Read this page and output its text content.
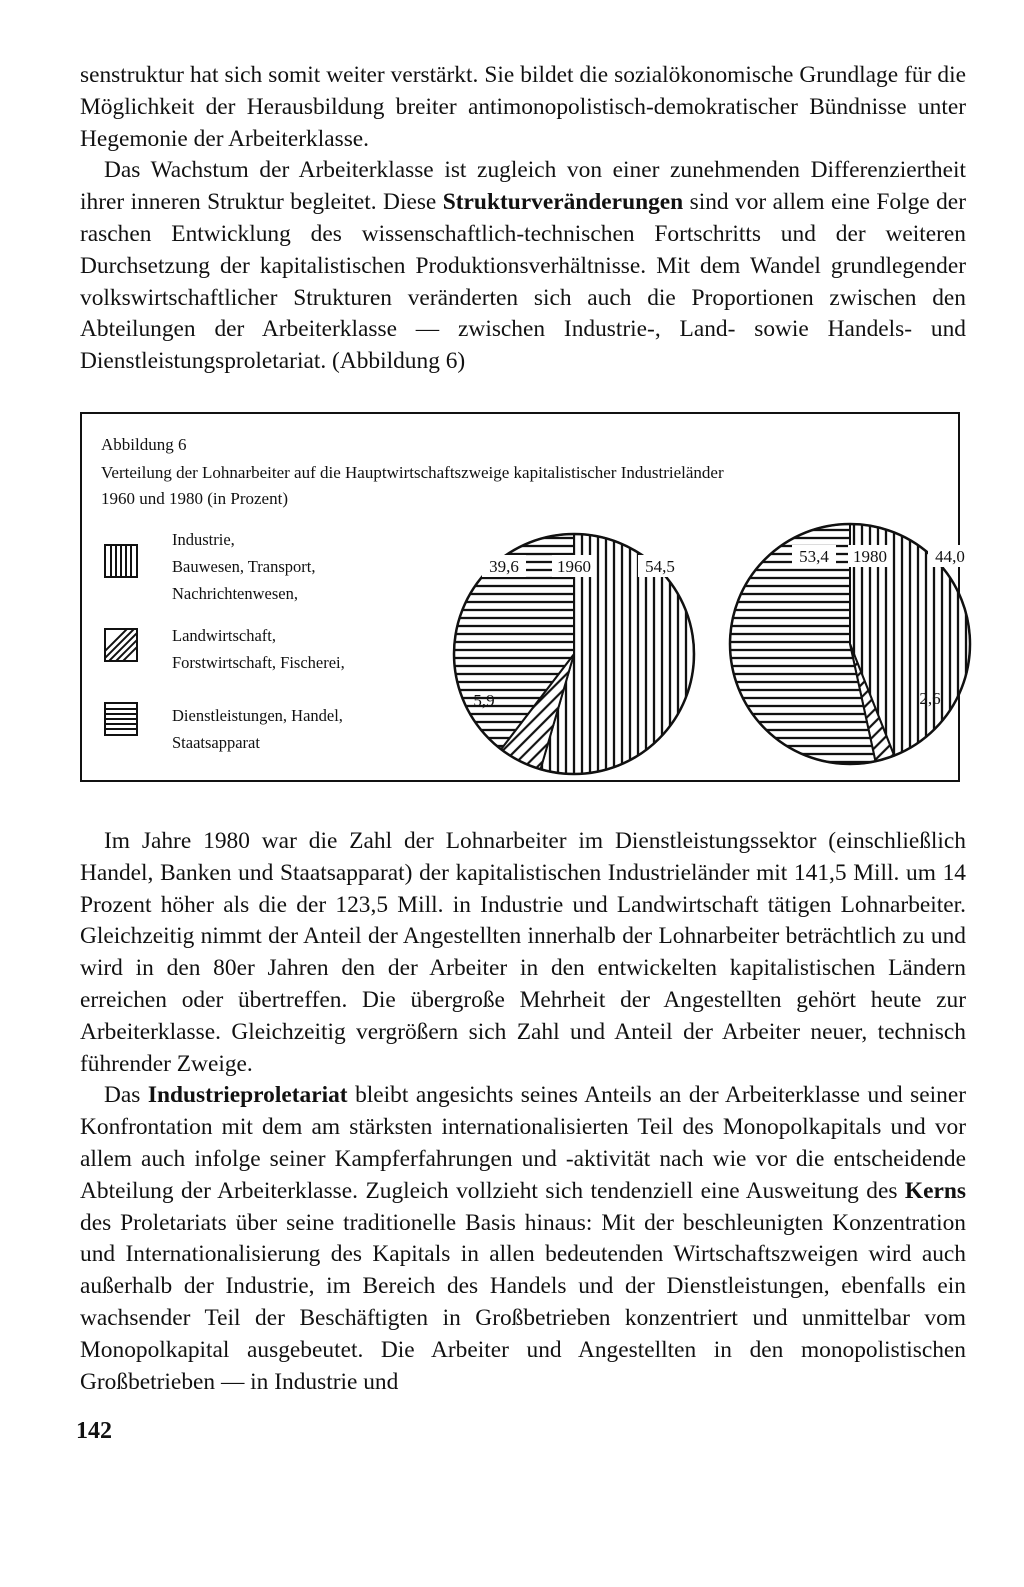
senstruktur hat sich somit weiter verstärkt. Sie bildet die sozialökonomische Grundlage für die Möglichkeit der Herausbildung breiter antimonopolistisch-demokratischer Bündnisse unter Hegemonie der Arbeiterklasse.

Das Wachstum der Arbeiterklasse ist zugleich von einer zunehmenden Differenziertheit ihrer inneren Struktur begleitet. Diese Strukturveränderungen sind vor allem eine Folge der raschen Entwicklung des wissenschaftlich-technischen Fortschritts und der weiteren Durchsetzung der kapitalistischen Produktionsverhältnisse. Mit dem Wandel grundlegender volkswirtschaftlicher Strukturen veränderten sich auch die Proportionen zwischen den Abteilungen der Arbeiterklasse — zwischen Industrie-, Land- sowie Handels- und Dienstleistungsproletariat. (Abbildung 6)

Abbildung 6
Verteilung der Lohnarbeiter auf die Hauptwirtschaftszweige kapitalistischer Industrieländer
1960 und 1980 (in Prozent)
Industrie,
Bauwesen, Transport,
Nachrichtenwesen,
Landwirtschaft,
Forstwirtschaft, Fischerei,
Dienstleistungen, Handel,
Staatsapparat
1960	54,5
39,6
5,9
1980	44,0
53,4
2,6

Im Jahre 1980 war die Zahl der Lohnarbeiter im Dienstleistungssektor (einschließlich Handel, Banken und Staatsapparat) der kapitalistischen Industrieländer mit 141,5 Mill. um 14 Prozent höher als die der 123,5 Mill. in Industrie und Landwirtschaft tätigen Lohnarbeiter. Gleichzeitig nimmt der Anteil der Angestellten innerhalb der Lohnarbeiter beträchtlich zu und wird in den 80er Jahren den der Arbeiter in den entwickelten kapitalistischen Ländern erreichen oder übertreffen. Die übergroße Mehrheit der Angestellten gehört heute zur Arbeiterklasse. Gleichzeitig vergrößern sich Zahl und Anteil der Arbeiter neuer, technisch führender Zweige.

Das Industrieproletariat bleibt angesichts seines Anteils an der Arbeiterklasse und seiner Konfrontation mit dem am stärksten internationalisierten Teil des Monopolkapitals und vor allem auch infolge seiner Kampferfahrungen und -aktivität nach wie vor die entscheidende Abteilung der Arbeiterklasse. Zugleich vollzieht sich tendenziell eine Ausweitung des Kerns des Proletariats über seine traditionelle Basis hinaus: Mit der beschleunigten Konzentration und Internationalisierung des Kapitals in allen bedeutenden Wirtschaftszweigen wird auch außerhalb der Industrie, im Bereich des Handels und der Dienstleistungen, ebenfalls ein wachsender Teil der Beschäftigten in Großbetrieben konzentriert und unmittelbar vom Monopolkapital ausgebeutet. Die Arbeiter und Angestellten in den monopolistischen Großbetrieben — in Industrie und

142
